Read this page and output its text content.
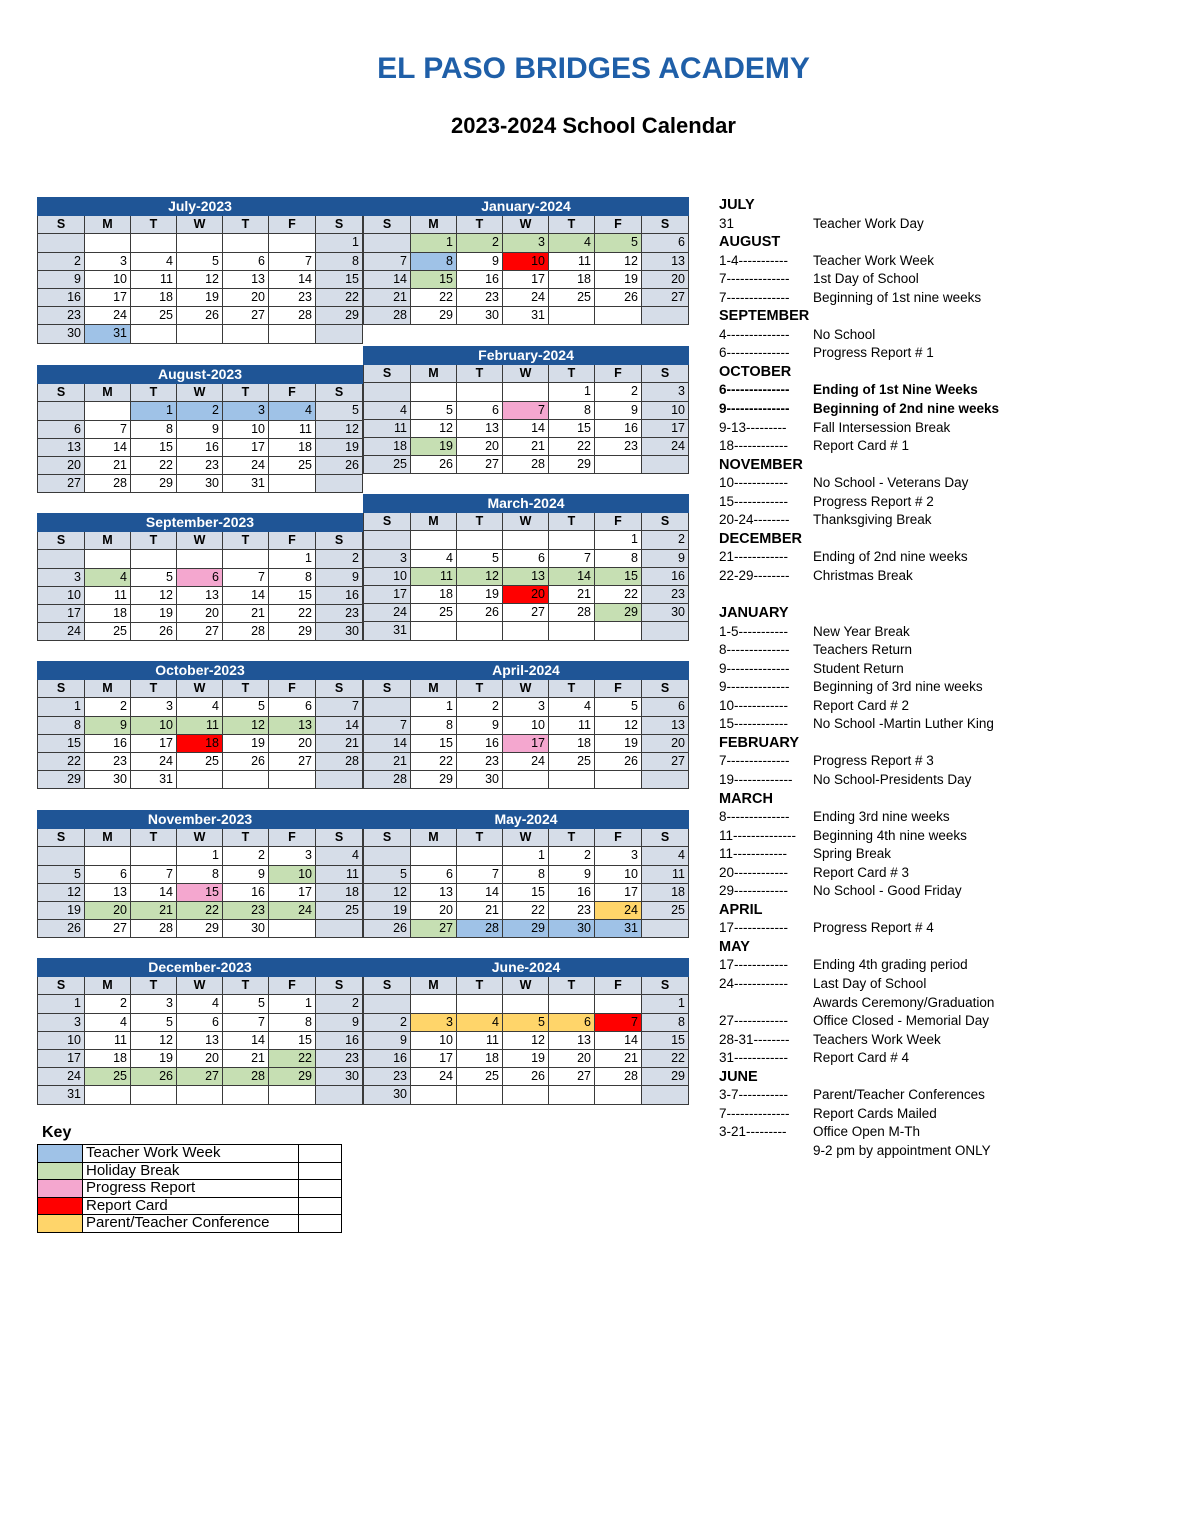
EL PASO BRIDGES ACADEMY
2023-2024 School Calendar
July-2023						
S	M	T	W	T	F	S
						1
2	3	4	5	6	7	8
9	10	11	12	13	14	15
16	17	18	19	20	23	22
23	24	25	26	27	28	29
30	31					
August-2023						
S	M	T	W	T	F	S
		1	2	3	4	5
6	7	8	9	10	11	12
13	14	15	16	17	18	19
20	21	22	23	24	25	26
27	28	29	30	31		
September-2023						
S	M	T	W	T	F	S
					1	2
3	4	5	6	7	8	9
10	11	12	13	14	15	16
17	18	19	20	21	22	23
24	25	26	27	28	29	30
October-2023						
S	M	T	W	T	F	S
1	2	3	4	5	6	7
8	9	10	11	12	13	14
15	16	17	18	19	20	21
22	23	24	25	26	27	28
29	30	31				
November-2023						
S	M	T	W	T	F	S
			1	2	3	4
5	6	7	8	9	10	11
12	13	14	15	16	17	18
19	20	21	22	23	24	25
26	27	28	29	30		
December-2023						
S	M	T	W	T	F	S
1	2	3	4	5	1	2
3	4	5	6	7	8	9
10	11	12	13	14	15	16
17	18	19	20	21	22	23
24	25	26	27	28	29	30
31						
January-2024						
S	M	T	W	T	F	S
	1	2	3	4	5	6
7	8	9	10	11	12	13
14	15	16	17	18	19	20
21	22	23	24	25	26	27
28	29	30	31			
February-2024						
S	M	T	W	T	F	S
				1	2	3
4	5	6	7	8	9	10
11	12	13	14	15	16	17
18	19	20	21	22	23	24
25	26	27	28	29		
March-2024						
S	M	T	W	T	F	S
					1	2
3	4	5	6	7	8	9
10	11	12	13	14	15	16
17	18	19	20	21	22	23
24	25	26	27	28	29	30
31						
April-2024						
S	M	T	W	T	F	S
	1	2	3	4	5	6
7	8	9	10	11	12	13
14	15	16	17	18	19	20
21	22	23	24	25	26	27
28	29	30				
May-2024						
S	M	T	W	T	F	S
			1	2	3	4
5	6	7	8	9	10	11
12	13	14	15	16	17	18
19	20	21	22	23	24	25
26	27	28	29	30	31	
June-2024						
S	M	T	W	T	F	S
						1
2	3	4	5	6	7	8
9	10	11	12	13	14	15
16	17	18	19	20	21	22
23	24	25	26	27	28	29
30						
JULY
31	Teacher Work Day
AUGUST
1-4----------- Teacher Work Week
7-------------- 1st Day of School
7-------------- Beginning of 1st nine weeks
SEPTEMBER
4-------------- No School
6-------------- Progress Report # 1
OCTOBER
6-------------- Ending of 1st Nine Weeks
9-------------- Beginning of 2nd nine weeks
9-13--------- Fall Intersession Break
18------------ Report Card # 1
NOVEMBER
10------------ No School - Veterans Day
15------------ Progress Report # 2
20-24-------- Thanksgiving Break
DECEMBER
21------------ Ending of 2nd nine weeks
22-29-------- Christmas Break
JANUARY
1-5----------- New Year Break
8-------------- Teachers Return
9-------------- Student Return
9-------------- Beginning of 3rd nine weeks
10------------ Report Card # 2
15------------ No School -Martin Luther King
FEBRUARY
7-------------- Progress Report # 3
19------------- No School-Presidents Day
MARCH
8-------------- Ending 3rd nine weeks
11-------------- Beginning 4th nine weeks
11------------ Spring Break
20------------ Report Card # 3
29------------ No School - Good Friday
APRIL
17------------ Progress Report # 4
MAY
17------------ Ending 4th grading period
24------------ Last Day of School
Awards Ceremony/Graduation
27------------ Office Closed - Memorial Day
28-31-------- Teachers Work Week
31------------ Report Card # 4
JUNE
3-7----------- Parent/Teacher Conferences
7-------------- Report Cards Mailed
3-21--------- Office Open M-Th
9-2 pm by appointment ONLY
Key
	Teacher Work Week	
	Holiday Break	
	Progress Report	
	Report Card	
	Parent/Teacher Conference	
